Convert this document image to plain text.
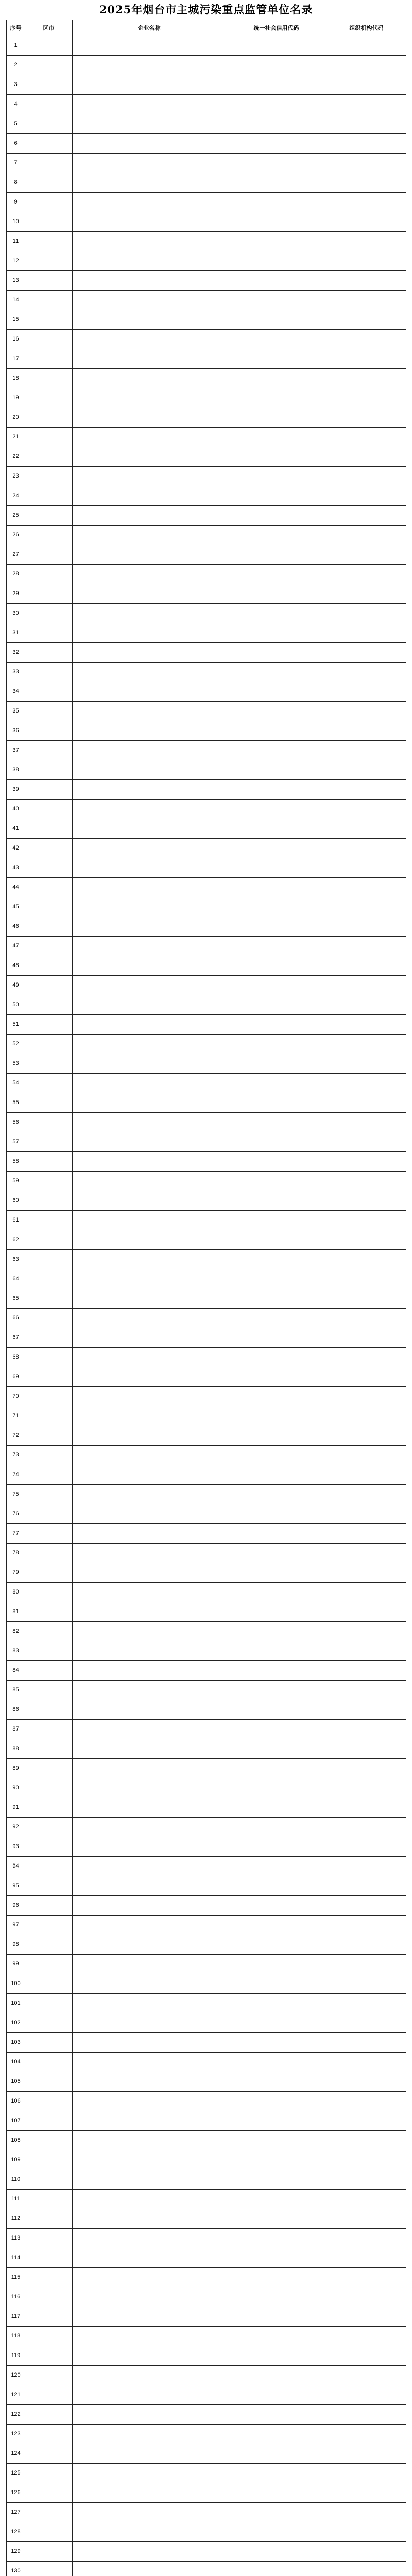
2025年烟台市主城污染重点监管单位名录
序号	区市	企业名称	统一社会信用代码	组织机构代码
1				
2				
3				
4				
5				
6				
7				
8				
9				
10				
11				
12				
13				
14				
15				
16				
17				
18				
19				
20				
21				
22				
23				
24				
25				
26				
27				
28				
29				
30				
31				
32				
33				
34				
35				
36				
37				
38				
39				
40				
41				
42				
43				
44				
45				
46				
47				
48				
49				
50				
51				
52				
53				
54				
55				
56				
57				
58				
59				
60				
61				
62				
63				
64				
65				
66				
67				
68				
69				
70				
71				
72				
73				
74				
75				
76				
77				
78				
79				
80				
81				
82				
83				
84				
85				
86				
87				
88				
89				
90				
91				
92				
93				
94				
95				
96				
97				
98				
99				
100				
101				
102				
103				
104				
105				
106				
107				
108				
109				
110				
111				
112				
113				
114				
115				
116				
117				
118				
119				
120				
121				
122				
123				
124				
125				
126				
127				
128				
129				
130				
